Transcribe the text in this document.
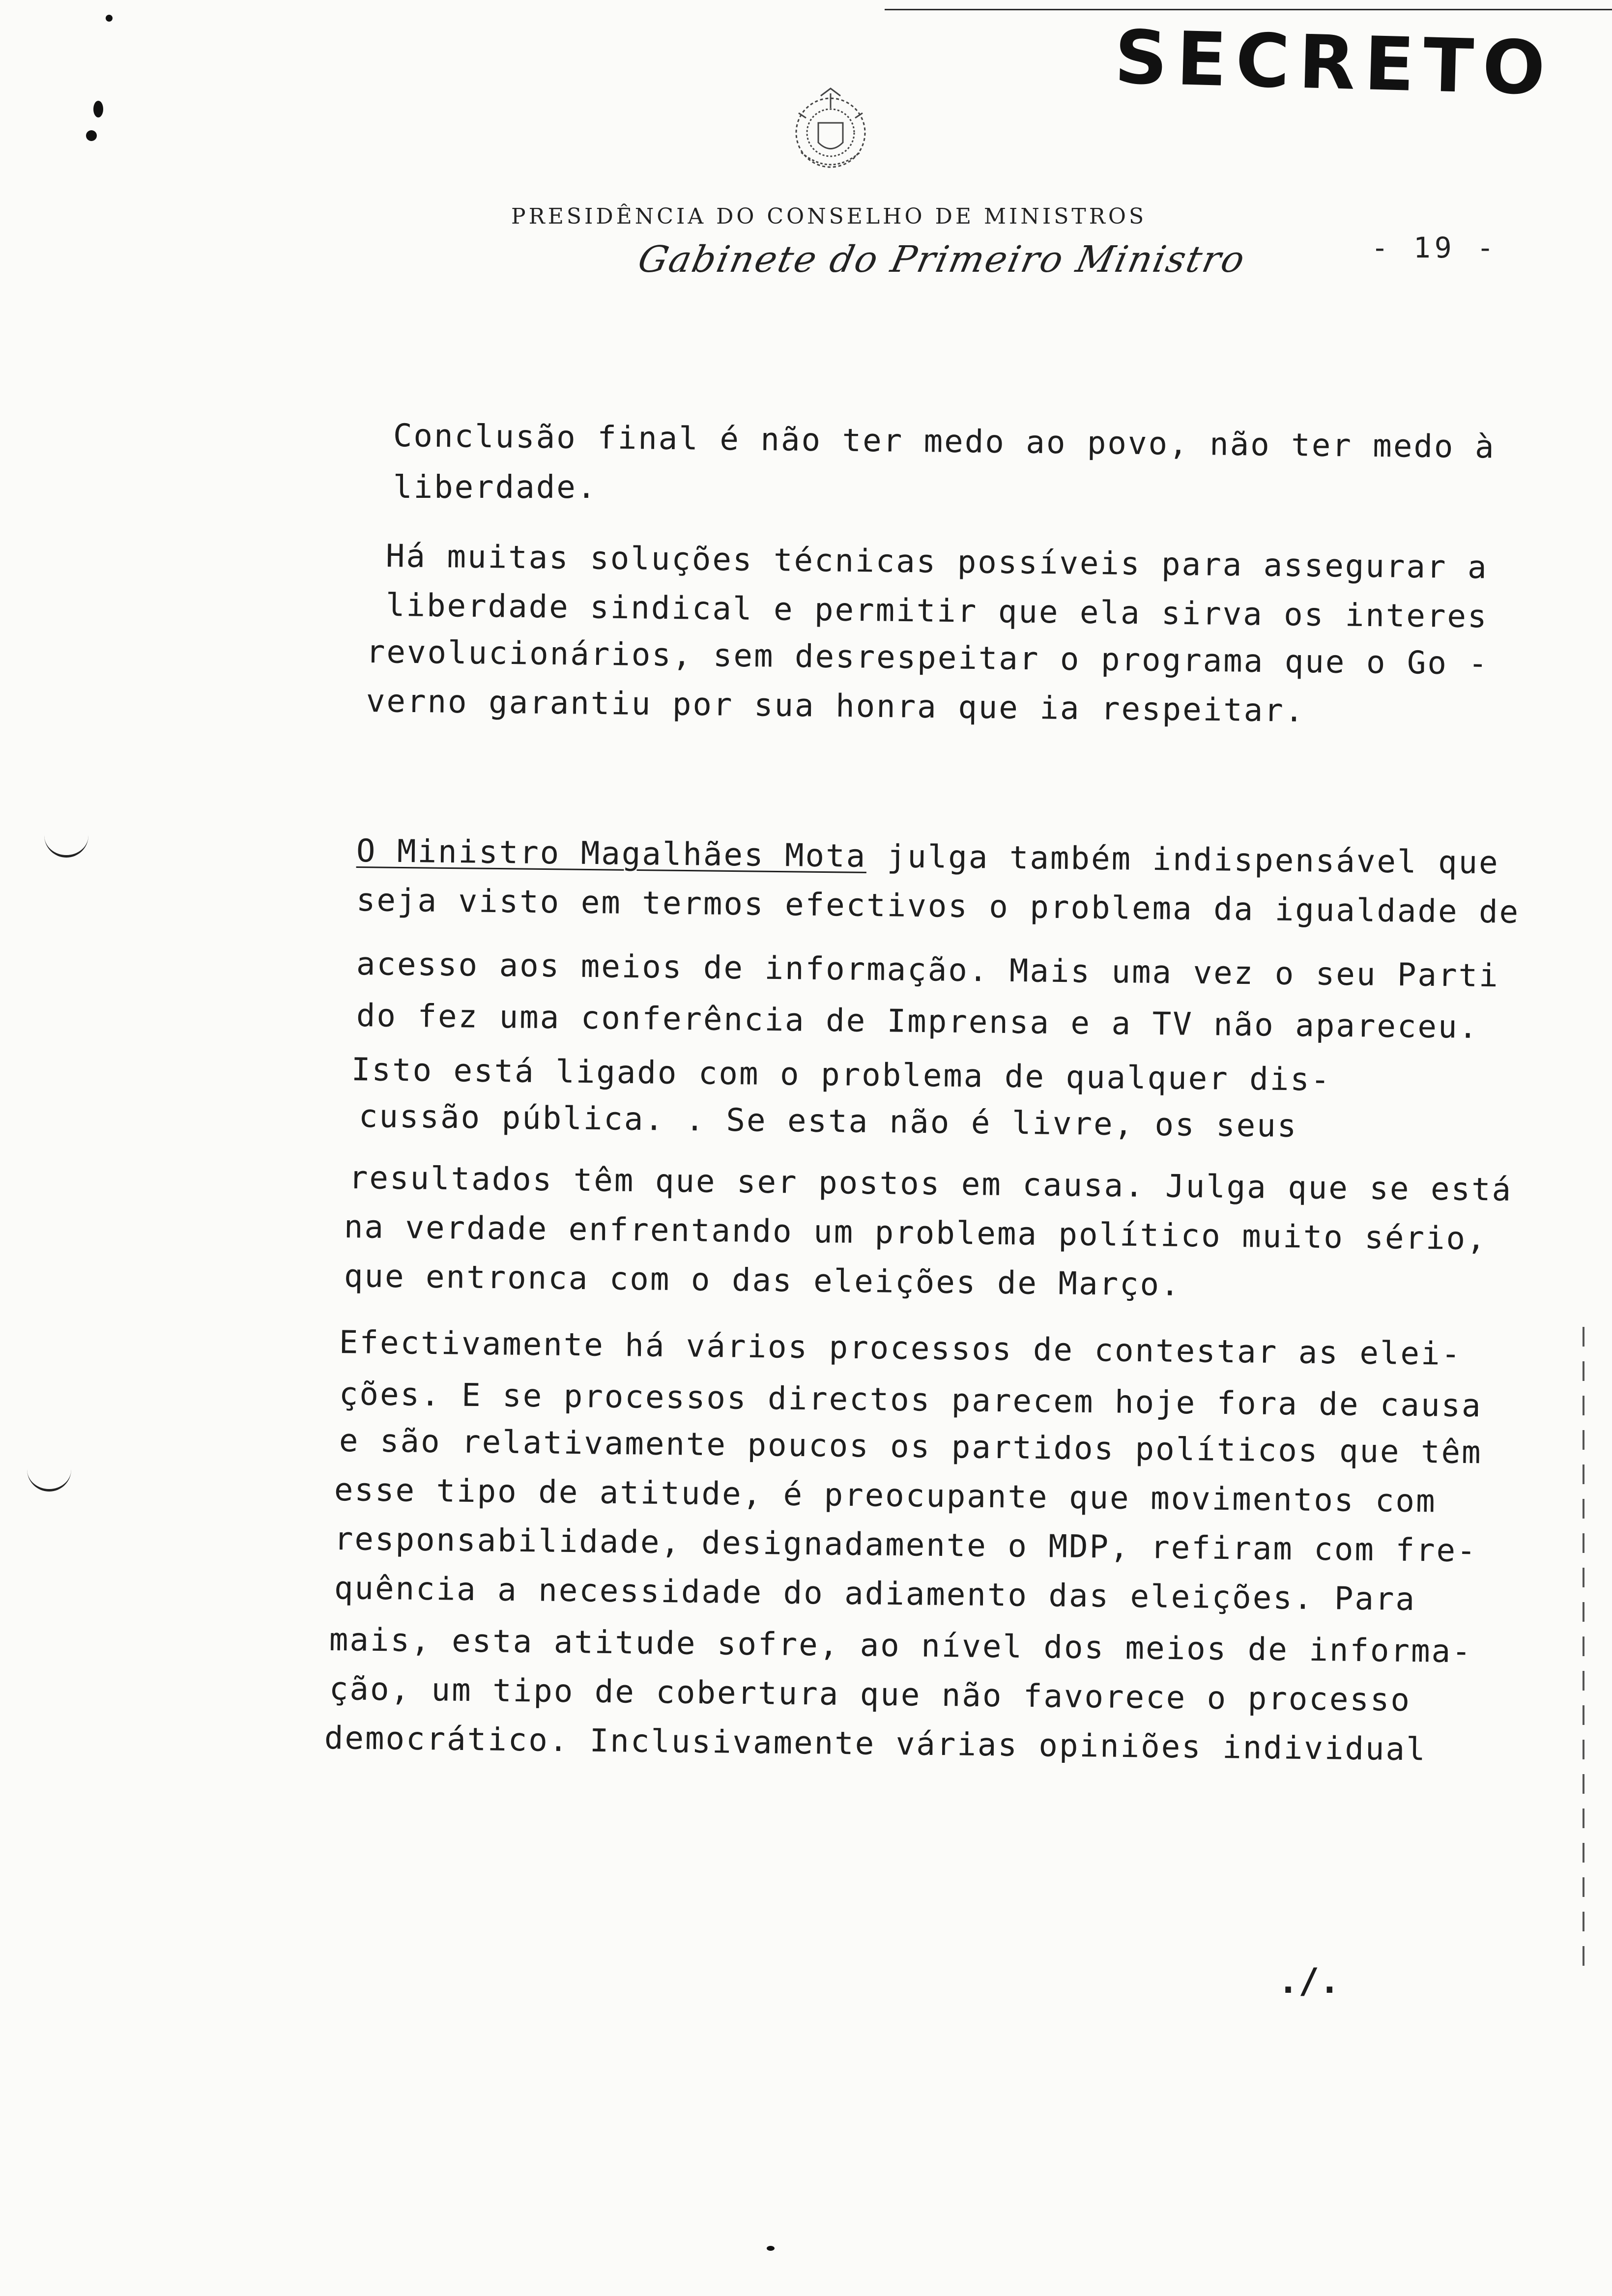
SECRETO
PRESIDÊNCIA DO CONSELHO DE MINISTROS
Gabinete do Primeiro Ministro	- 19 -
Conclusão final é não ter medo ao povo, não ter medo à
liberdade.
Há muitas soluções técnicas possíveis para assegurar a
liberdade sindical e permitir que ela sirva os interes
revolucionários, sem desrespeitar o programa que o Go -
verno garantiu por sua honra que ia respeitar.
O Ministro Magalhães Mota julga também indispensável que
seja visto em termos efectivos o problema da igualdade de
acesso aos meios de informação. Mais uma vez o seu Parti
do fez uma conferência de Imprensa e a TV não apareceu.
Isto está ligado com o problema de qualquer dis-
cussão pública. . Se esta não é livre, os seus
resultados têm que ser postos em causa. Julga que se está
na verdade enfrentando um problema político muito sério,
que entronca com o das eleições de Março.
Efectivamente há vários processos de contestar as elei-
ções. E se processos directos parecem hoje fora de causa
e são relativamente poucos os partidos políticos que têm
esse tipo de atitude, é preocupante que movimentos com
responsabilidade, designadamente o MDP, refiram com fre-
quência a necessidade do adiamento das eleições. Para
mais, esta atitude sofre, ao nível dos meios de informa-
ção, um tipo de cobertura que não favorece o processo
democrático. Inclusivamente várias opiniões individual
./.
